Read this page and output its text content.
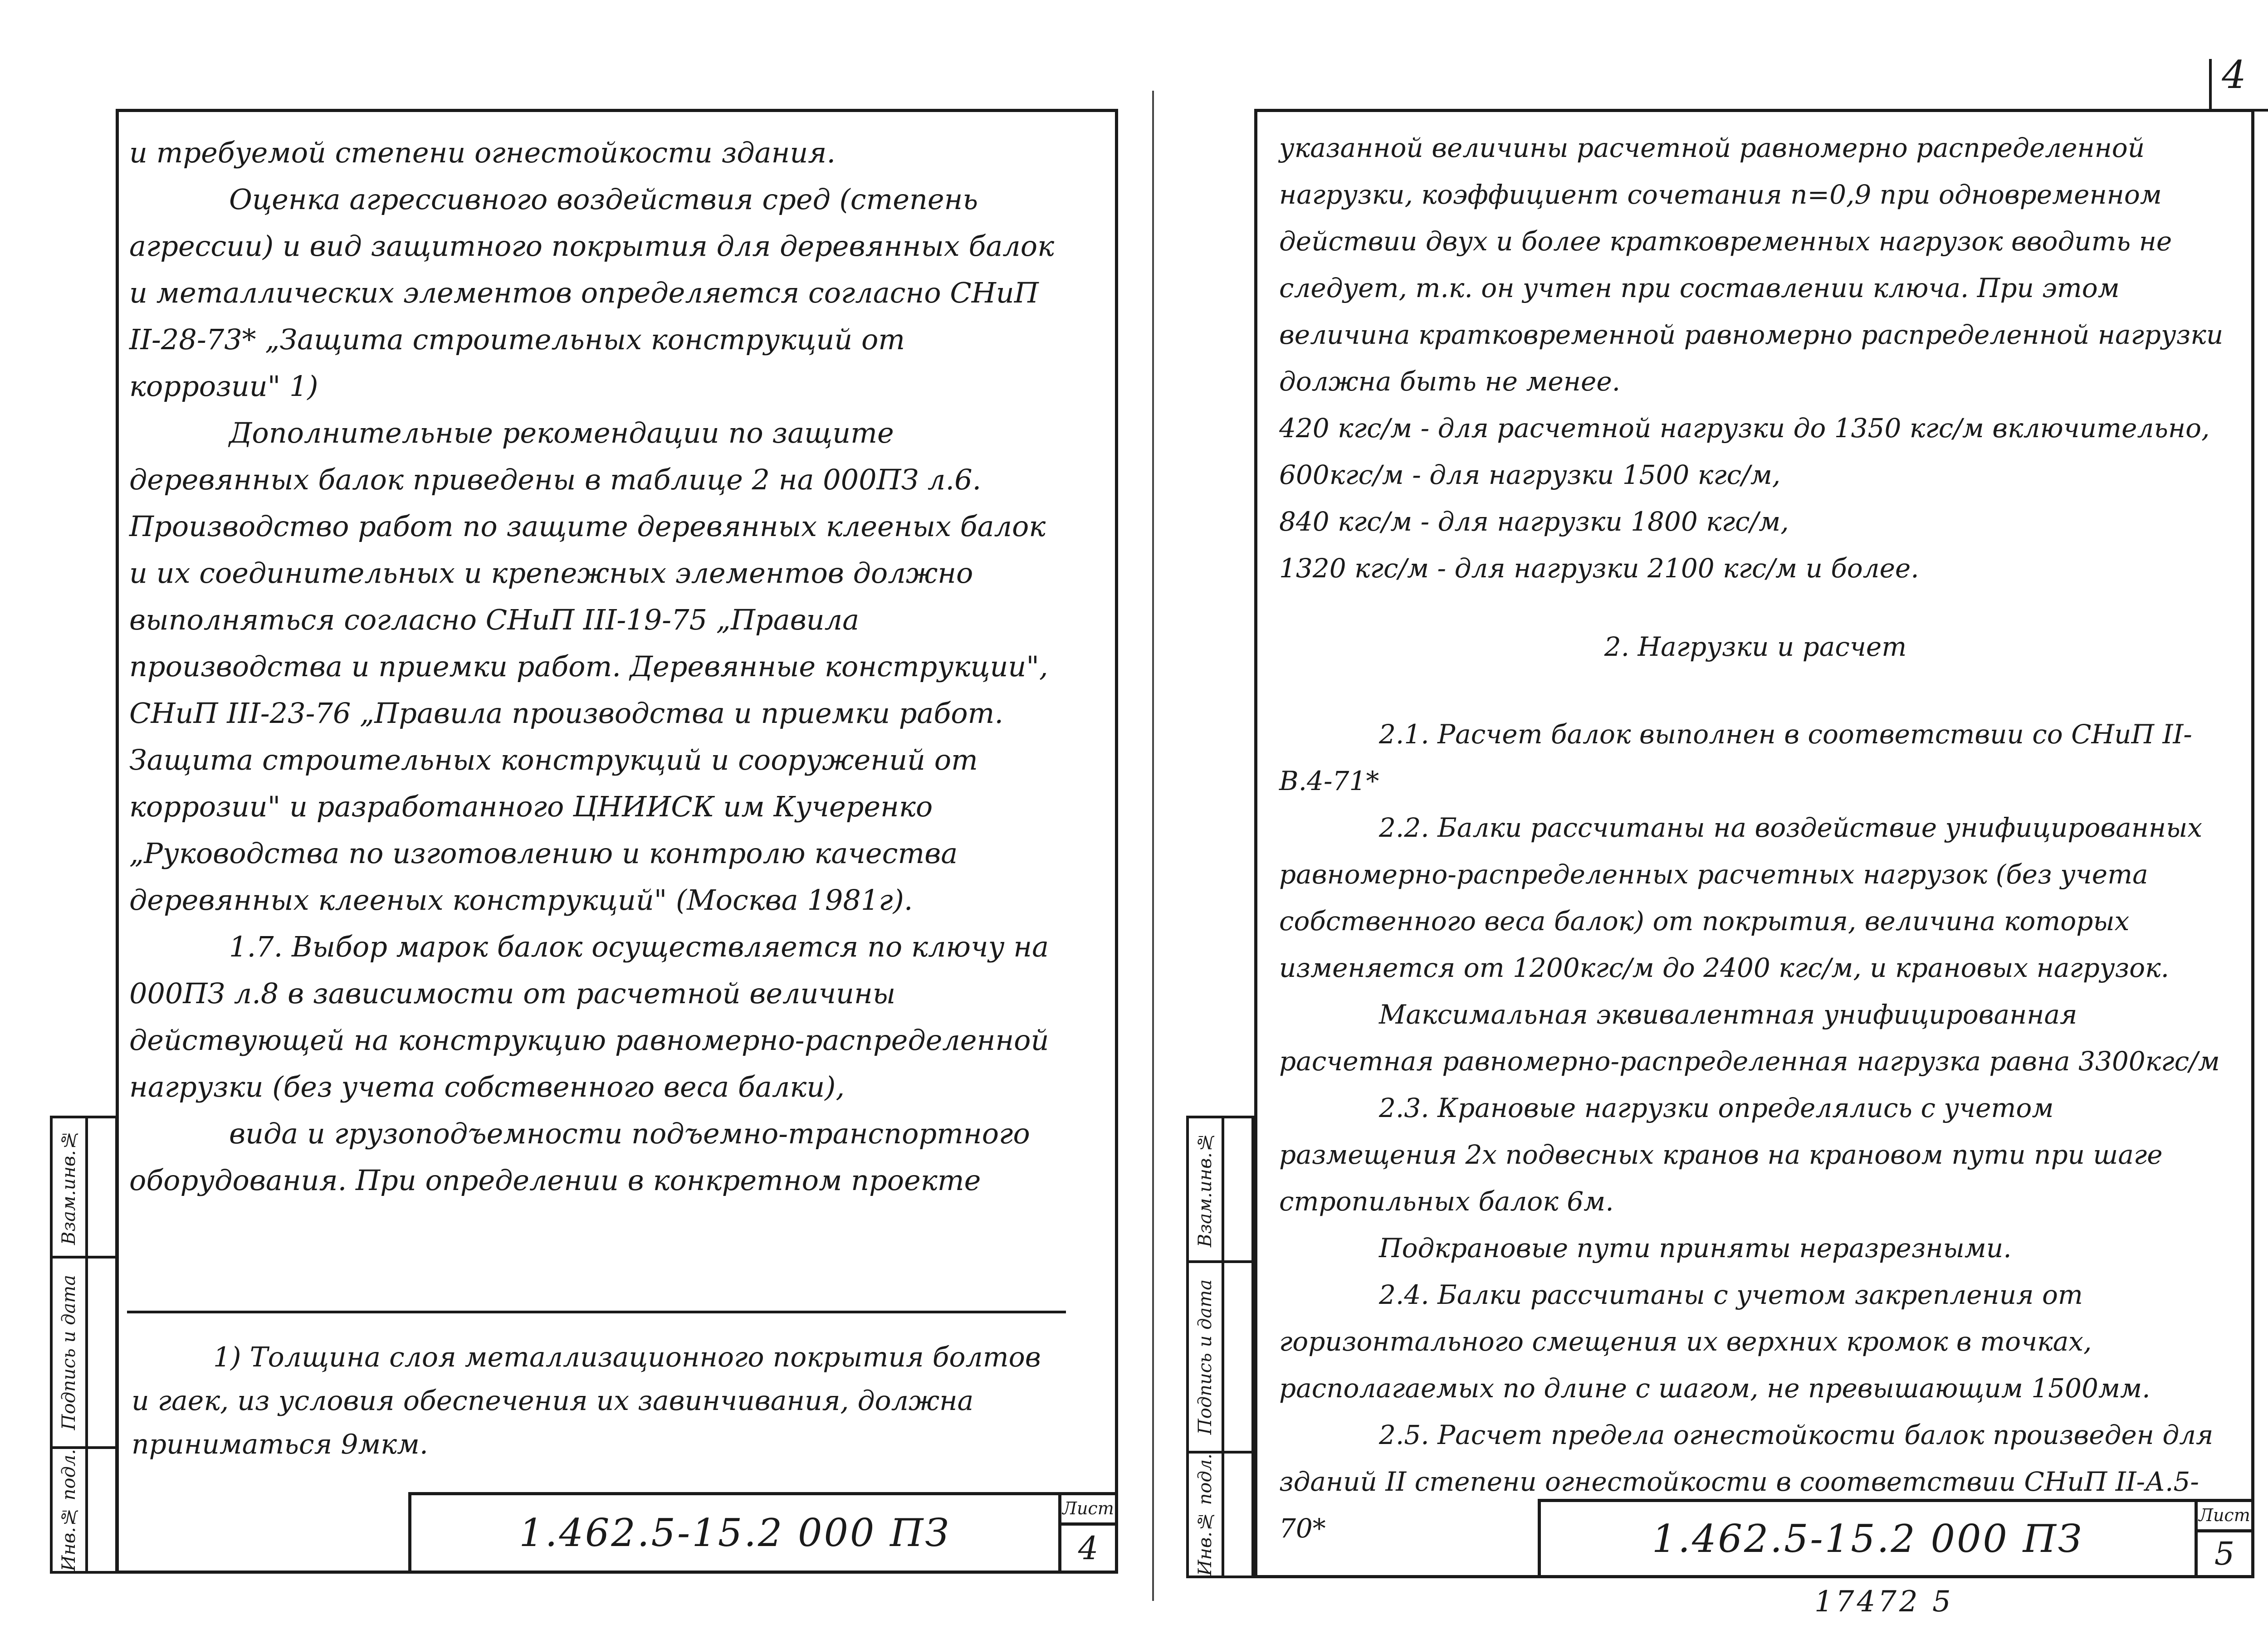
и требуемой степени огнестойкости здания.

Оценка агрессивного воздействия сред (степень агрессии) и вид защитного покрытия для деревянных балок и металлических элементов определяется согласно СНиП II-28-73* „Защита строительных конструкций от коррозии" 1)

Дополнительные рекомендации по защите деревянных балок приведены в таблице 2 на 000ПЗ л.6. Производство работ по защите деревянных клееных балок и их соединительных и крепежных элементов должно выполняться согласно СНиП III-19-75 „Правила производства и приемки работ. Деревянные конструкции", СНиП III-23-76 „Правила производства и приемки работ. Защита строительных конструкций и сооружений от коррозии" и разработанного ЦНИИСК им Кучеренко „Руководства по изготовлению и контролю качества деревянных клееных конструкций" (Москва 1981г).

1.7. Выбор марок балок осуществляется по ключу на 000ПЗ л.8 в зависимости от расчетной величины действующей на конструкцию равномерно-распределенной нагрузки (без учета собственного веса балки),

вида и грузоподъемности подъемно-транспортного оборудования. При определении в конкретном проекте

1) Толщина слоя металлизационного покрытия болтов и гаек, из условия обеспечения их завинчивания, должна приниматься 9мкм.

1.462.5-15.2 000 ПЗ
Лист
4
Взам.инв.№
Подпись и дата
Инв.№ подл.

указанной величины расчетной равномерно распределенной нагрузки, коэффициент сочетания n=0,9 при одновременном действии двух и более кратковременных нагрузок вводить не следует, т.к. он учтен при составлении ключа. При этом величина кратковременной равномерно распределенной нагрузки должна быть не менее.

420 кгс/м - для расчетной нагрузки до 1350 кгс/м включительно, 600кгс/м - для нагрузки 1500 кгс/м,

840 кгс/м - для нагрузки 1800 кгс/м,

1320 кгс/м - для нагрузки 2100 кгс/м и более.

2. Нагрузки и расчет

2.1. Расчет балок выполнен в соответствии со СНиП II-В.4-71*

2.2. Балки рассчитаны на воздействие унифицированных равномерно-распределенных расчетных нагрузок (без учета собственного веса балок) от покрытия, величина которых изменяется от 1200кгс/м до 2400 кгс/м, и крановых нагрузок.

Максимальная эквивалентная унифицированная расчетная равномерно-распределенная нагрузка равна 3300кгс/м

2.3. Крановые нагрузки определялись с учетом размещения 2х подвесных кранов на крановом пути при шаге стропильных балок 6м.

Подкрановые пути приняты неразрезными.

2.4. Балки рассчитаны с учетом закрепления от горизонтального смещения их верхних кромок в точках, располагаемых по длине с шагом, не превышающим 1500мм.

2.5. Расчет предела огнестойкости балок произведен для зданий II степени огнестойкости в соответствии СНиП II-А.5-70*	1.462.5-15.2 000 ПЗ
Лист
5
Взам.инв.№
Подпись и дата
Инв.№ подл.
4
17472 5
